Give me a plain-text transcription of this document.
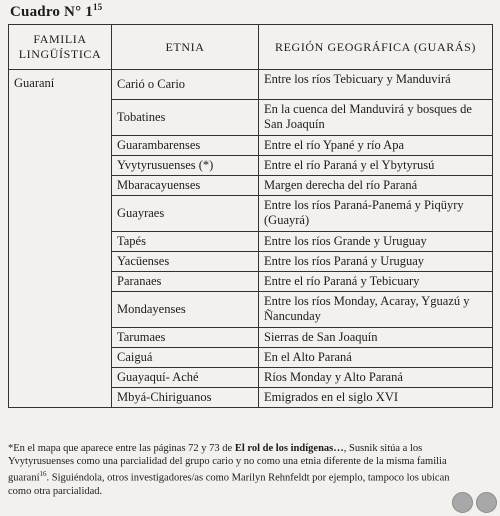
Cuadro N° $1^{15}$
FAMILIA LINGÜÍSTICA	ETNIA	REGIÓN GEOGRÁFICA (GUARÁS)
Guaraní	Carió o Cario	Entre los ríos Tebicuary y Manduvirá
	Tobatines	En la cuenca del Manduvirá y bosques de San Joaquín
	Guarambarenses	Entre el río Ypané y río Apa
	Yvytyrusuenses (*)	Entre el río Paraná y el Ybytyrusú
	Mbaracayuenses	Margen derecha del río Paraná
	Guayraes	Entre los ríos Paraná-Panemá y Piqüyry (Guayrá)
	Tapés	Entre los ríos Grande y Uruguay
	Yacüenses	Entre los ríos Paraná y Uruguay
	Paranaes	Entre el río Paraná y Tebicuary
	Mondayenses	Entre los ríos Monday, Acaray, Yguazú y Ñancunday
	Tarumaes	Sierras de San Joaquín
	Caiguá	En el Alto Paraná
	Guayaquí- Aché	Ríos Monday y Alto Paraná
	Mbyá-Chiriguanos	Emigrados en el siglo XVI
*En el mapa que aparece entre las páginas 72 y 73 de El rol de los indígenas…, Susnik sitúa a los Yvytyrusuenses como una parcialidad del grupo cario y no como una etnia diferente de la misma familia guaraní$^{16}$. Siguiéndola, otros investigadores/as como Marilyn Rehnfeldt por ejemplo, tampoco los ubican como otra parcialidad.
